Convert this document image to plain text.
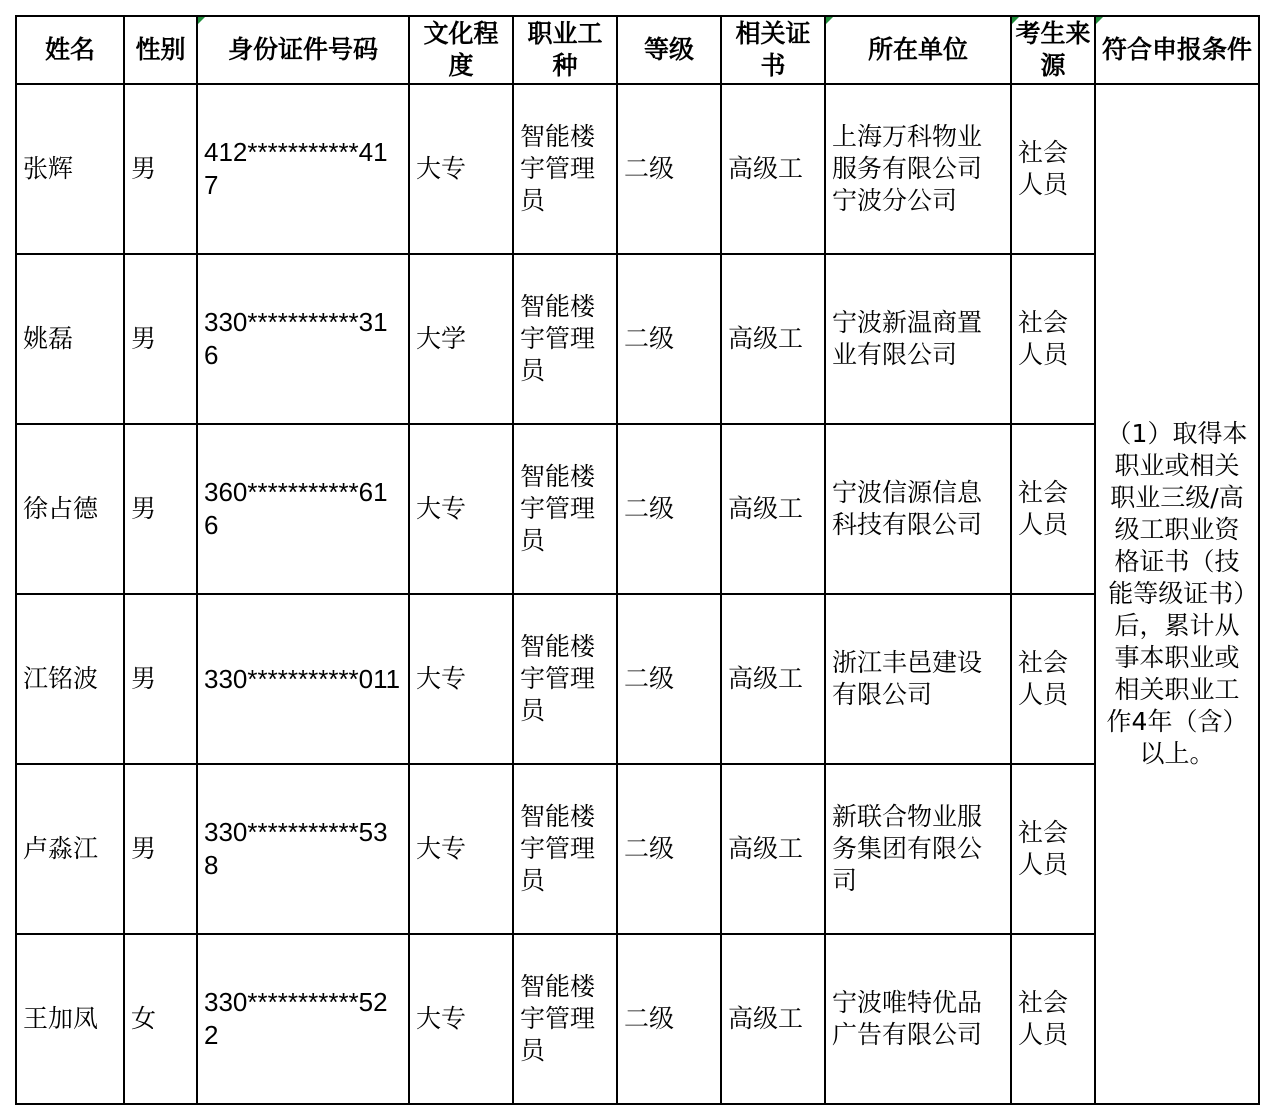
姓名	性别	身份证件号码	文化程度	职业工种	等级	相关证书	所在单位	考生来源	符合申报条件
张辉	男	412***********417	大专	智能楼宇管理员	二级	高级工	上海万科物业服务有限公司宁波分公司	社会人员	（1）取得本职业或相关职业三级/高级工职业资格证书（技能等级证书）后，累计从事本职业或相关职业工作4年（含）以上。
姚磊	男	330***********316	大学	智能楼宇管理员	二级	高级工	宁波新温商置业有限公司	社会人员	
徐占德	男	360***********616	大专	智能楼宇管理员	二级	高级工	宁波信源信息科技有限公司	社会人员	
江铭波	男	330***********011	大专	智能楼宇管理员	二级	高级工	浙江丰邑建设有限公司	社会人员	
卢淼江	男	330***********538	大专	智能楼宇管理员	二级	高级工	新联合物业服务集团有限公司	社会人员	
王加凤	女	330***********522	大专	智能楼宇管理员	二级	高级工	宁波唯特优品广告有限公司	社会人员	
